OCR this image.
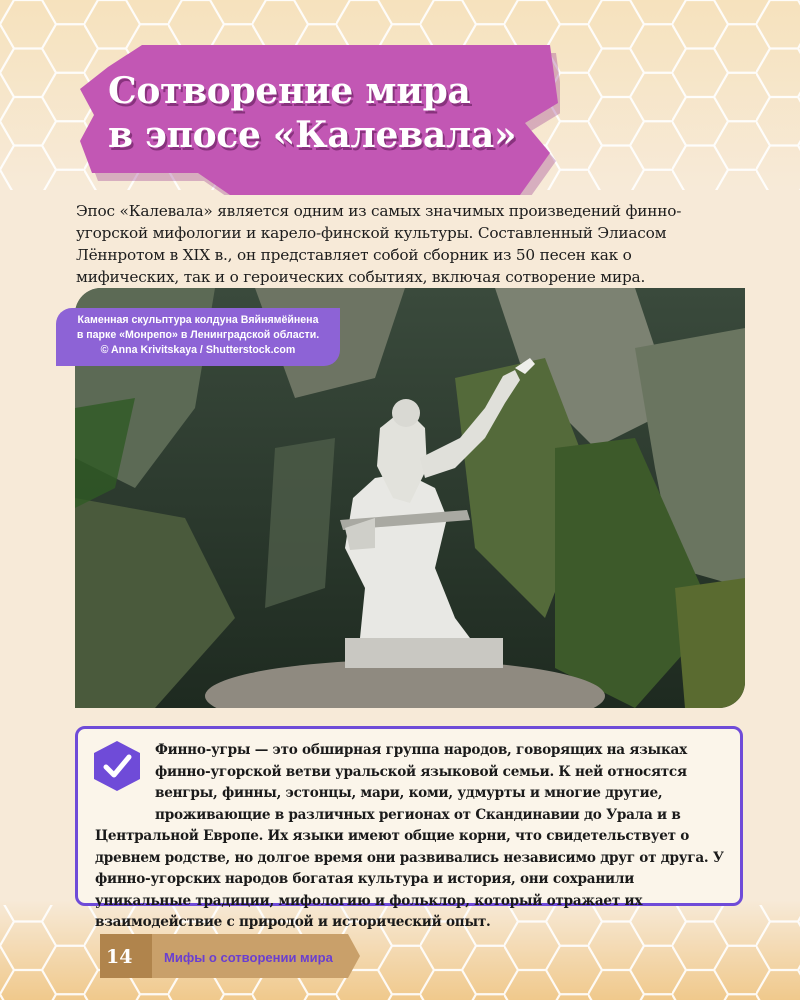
Сотворение мира
в эпосе «Калевала»

Эпос «Калевала» является одним из самых значимых произведений финно-угорской мифологии и карело-финской культуры. Составленный Элиасом Лённротом в XIX в., он представляет собой сборник из 50 песен как о мифических, так и о героических событиях, включая сотворение мира.

Каменная скульптура колдуна Вяйнямёйнена
в парке «Монрепо» в Ленинградской области.
© Anna Krivitskaya / Shutterstock.com

Финно-угры — это обширная группа народов, говорящих на языках финно-угорской ветви уральской языковой семьи. К ней относятся венгры, финны, эстонцы, мари, коми, удмурты и многие другие, проживающие в различных регионах от Скандинавии до Урала и в Центральной Европе. Их языки имеют общие корни, что свидетельствует о древнем родстве, но долгое время они развивались независимо друг от друга. У финно-угорских народов богатая культура и история, они сохранили уникальные традиции, мифологию и фольклор, который отражает их взаимодействие с природой и исторический опыт.

14	Мифы о сотворении мира
